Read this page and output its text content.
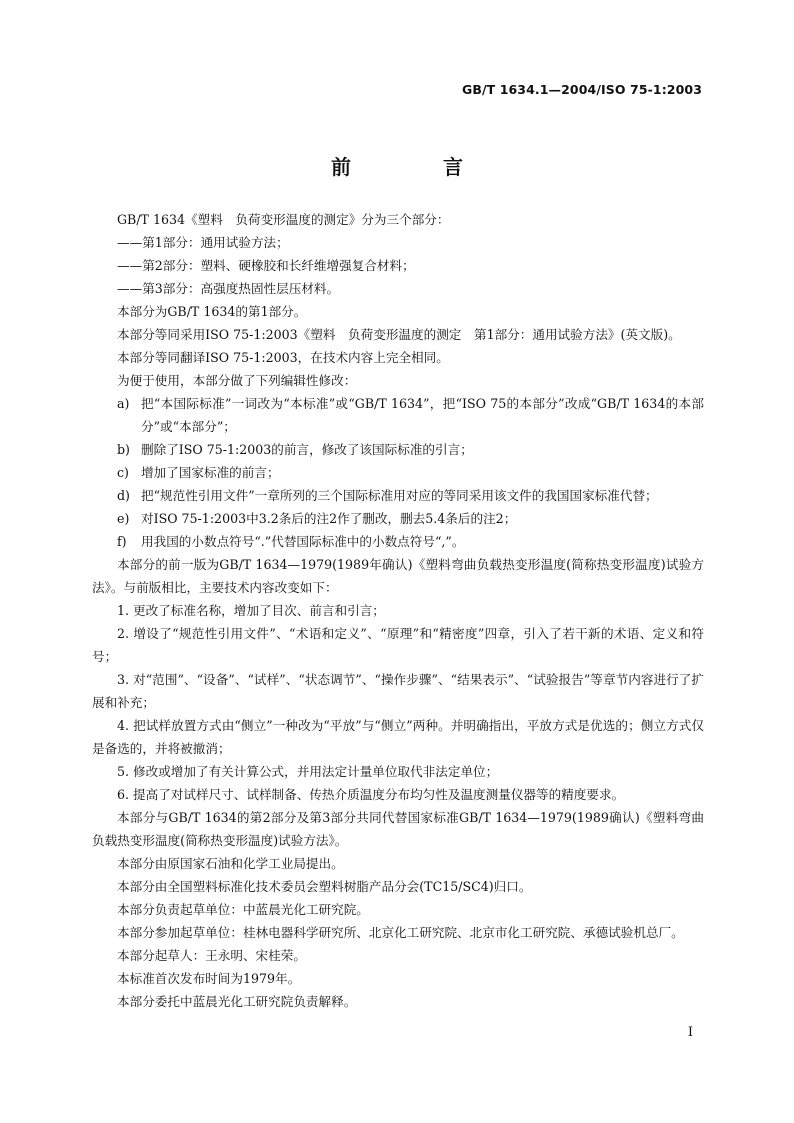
GB/T 1634.1—2004/ISO 75-1:2003
前　言

GB/T 1634《塑料　负荷变形温度的测定》分为三个部分：

——第1部分：通用试验方法；

——第2部分：塑料、硬橡胶和长纤维增强复合材料；

——第3部分：高强度热固性层压材料。

本部分为GB/T 1634的第1部分。

本部分等同采用ISO 75-1:2003《塑料　负荷变形温度的测定　第1部分：通用试验方法》(英文版)。

本部分等同翻译ISO 75-1:2003，在技术内容上完全相同。

为便于使用，本部分做了下列编辑性修改：

a) 把“本国际标准”一词改为“本标准”或“GB/T 1634”，把“ISO 75的本部分”改成“GB/T 1634的本部分”或“本部分”；
b) 删除了ISO 75-1:2003的前言，修改了该国际标准的引言；
c) 增加了国家标准的前言；
d) 把“规范性引用文件”一章所列的三个国际标准用对应的等同采用该文件的我国国家标准代替；
e) 对ISO 75-1:2003中3.2条后的注2作了删改，删去5.4条后的注2；
f) 用我国的小数点符号“.”代替国际标准中的小数点符号“,”。

本部分的前一版为GB/T 1634—1979(1989年确认)《塑料弯曲负载热变形温度(简称热变形温度)试验方法》。与前版相比，主要技术内容改变如下：

1. 更改了标准名称，增加了目次、前言和引言；

2. 增设了“规范性引用文件”、“术语和定义”、“原理”和“精密度”四章，引入了若干新的术语、定义和符号；

3. 对“范围”、“设备”、“试样”、“状态调节”、“操作步骤”、“结果表示”、“试验报告”等章节内容进行了扩展和补充；

4. 把试样放置方式由“侧立”一种改为“平放”与“侧立”两种。并明确指出，平放方式是优选的；侧立方式仅是备选的，并将被撤消；

5. 修改或增加了有关计算公式，并用法定计量单位取代非法定单位；

6. 提高了对试样尺寸、试样制备、传热介质温度分布均匀性及温度测量仪器等的精度要求。

本部分与GB/T 1634的第2部分及第3部分共同代替国家标准GB/T 1634—1979(1989确认)《塑料弯曲负载热变形温度(简称热变形温度)试验方法》。

本部分由原国家石油和化学工业局提出。

本部分由全国塑料标准化技术委员会塑料树脂产品分会(TC15/SC4)归口。

本部分负责起草单位：中蓝晨光化工研究院。

本部分参加起草单位：桂林电器科学研究所、北京化工研究院、北京市化工研究院、承德试验机总厂。

本部分起草人：王永明、宋桂荣。

本标准首次发布时间为1979年。

本部分委托中蓝晨光化工研究院负责解释。

I
